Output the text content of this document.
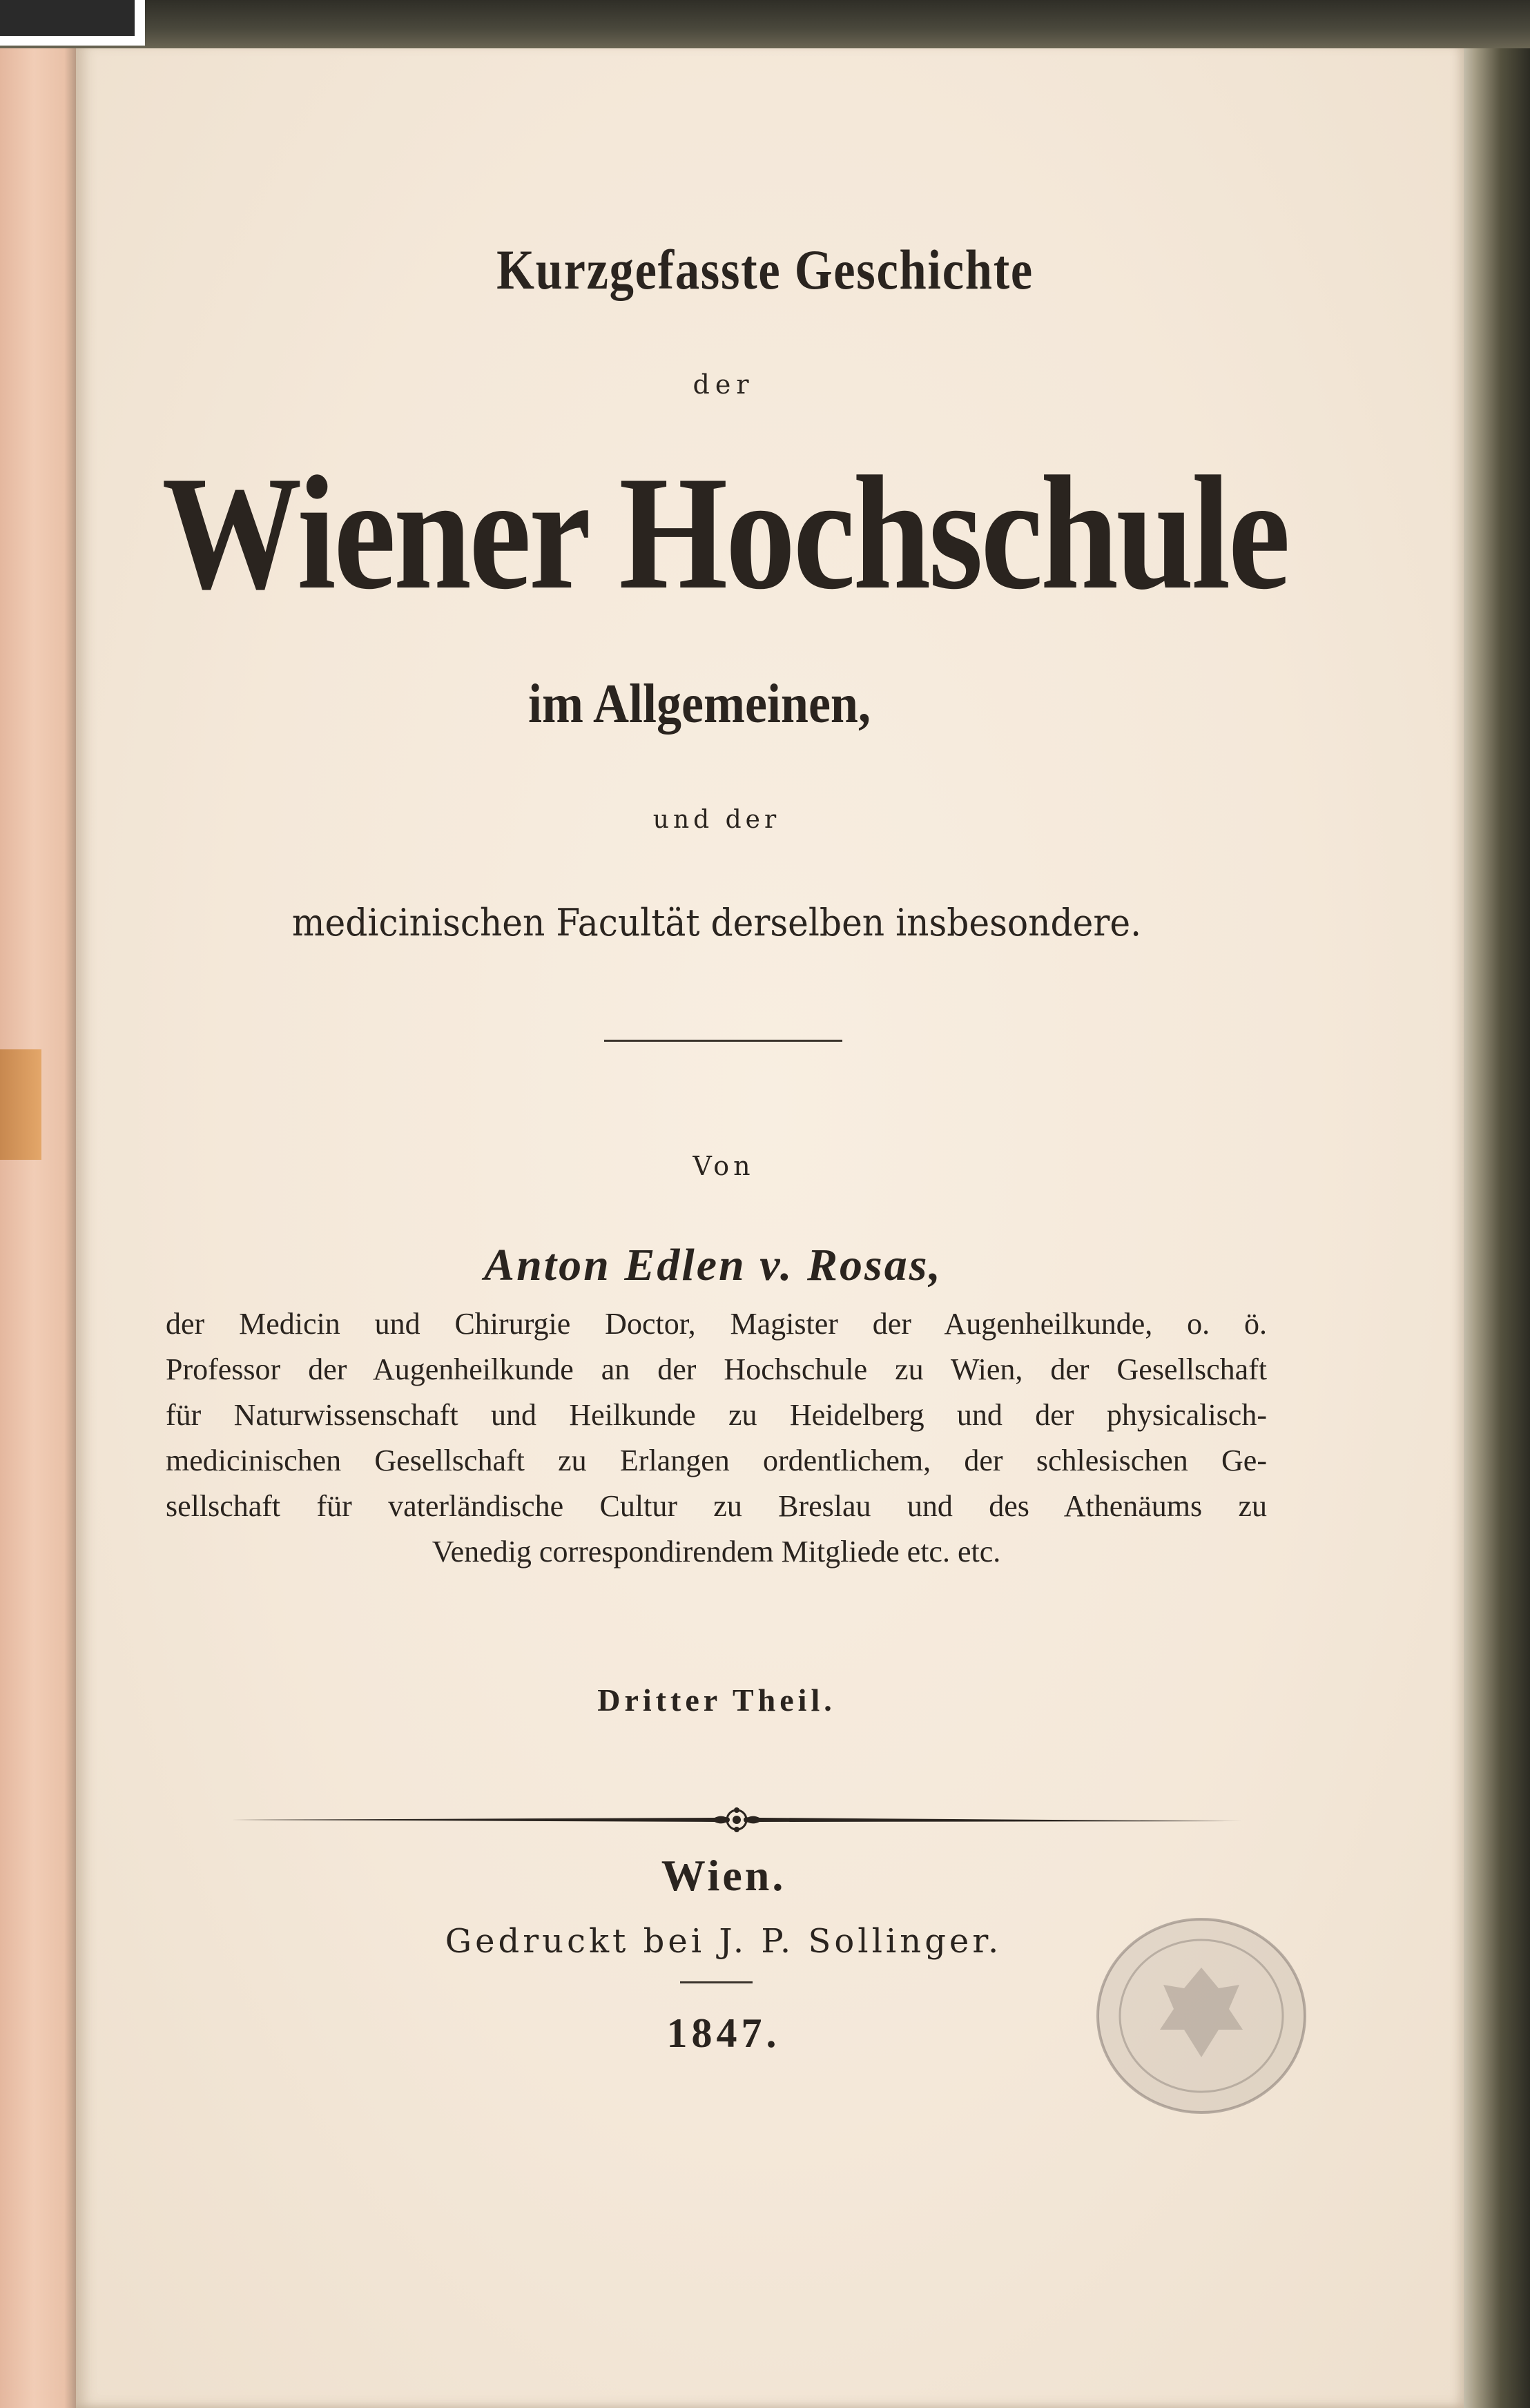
Kurzgefasste Geschichte
der
Wiener Hochschule
im Allgemeinen,
und der
medicinischen Facultät derselben insbesondere.
Von
Anton Edlen v. Rosas,
der Medicin und Chirurgie Doctor, Magister der Augenheilkunde, o. ö.
Professor der Augenheilkunde an der Hochschule zu Wien, der Gesellschaft
für Naturwissenschaft und Heilkunde zu Heidelberg und der physicalisch-
medicinischen Gesellschaft zu Erlangen ordentlichem, der schlesischen Ge-
sellschaft für vaterländische Cultur zu Breslau und des Athenäums zu
Venedig correspondirendem Mitgliede etc. etc.
Dritter Theil.
Wien.
Gedruckt bei J. P. Sollinger.
1847.
